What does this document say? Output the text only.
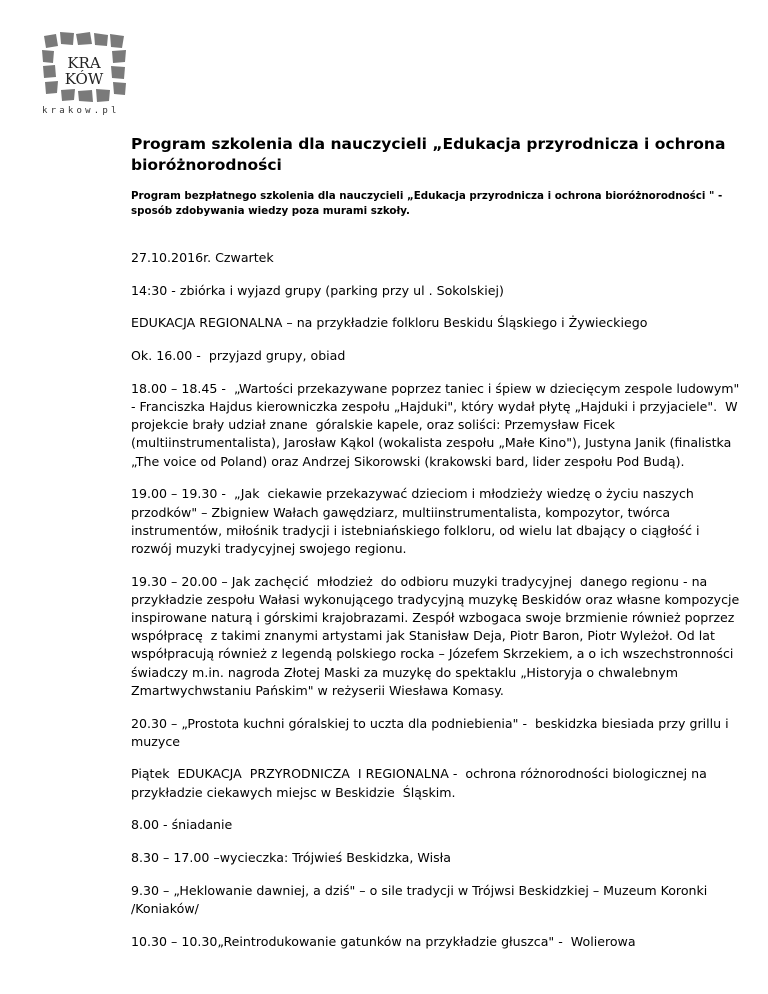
KRA
KÓW
krakow.pl
Program szkolenia dla nauczycieli „Edukacja przyrodnicza i ochrona bioróżnorodności
Program bezpłatnego szkolenia dla nauczycieli „Edukacja przyrodnicza i ochrona bioróżnorodności " - sposób zdobywania wiedzy poza murami szkoły.

27.10.2016r. Czwartek

14:30 - zbiórka i wyjazd grupy (parking przy ul . Sokolskiej)

EDUKACJA REGIONALNA – na przykładzie folkloru Beskidu Śląskiego i Żywieckiego

Ok. 16.00 -  przyjazd grupy, obiad

18.00 – 18.45 -  „Wartości przekazywane poprzez taniec i śpiew w dziecięcym zespole ludowym" - Franciszka Hajdus kierowniczka zespołu „Hajduki", który wydał płytę „Hajduki i przyjaciele".  W projekcie brały udział znane  góralskie kapele, oraz soliści: Przemysław Ficek (multiinstrumentalista), Jarosław Kąkol (wokalista zespołu „Małe Kino"), Justyna Janik (finalistka „The voice od Poland) oraz Andrzej Sikorowski (krakowski bard, lider zespołu Pod Budą).

19.00 – 19.30 -  „Jak  ciekawie przekazywać dzieciom i młodzieży wiedzę o życiu naszych przodków" – Zbigniew Wałach gawędziarz, multiinstrumentalista, kompozytor, twórca instrumentów, miłośnik tradycji i istebniańskiego folkloru, od wielu lat dbający o ciągłość i rozwój muzyki tradycyjnej swojego regionu.

19.30 – 20.00 – Jak zachęcić  młodzież  do odbioru muzyki tradycyjnej  danego regionu - na przykładzie zespołu Wałasi wykonującego tradycyjną muzykę Beskidów oraz własne kompozycje inspirowane naturą i górskimi krajobrazami. Zespół wzbogaca swoje brzmienie również poprzez współpracę  z takimi znanymi artystami jak Stanisław Deja, Piotr Baron, Piotr Wyleżoł. Od lat współpracują również z legendą polskiego rocka – Józefem Skrzekiem, a o ich wszechstronności świadczy m.in. nagroda Złotej Maski za muzykę do spektaklu „Historyja o chwalebnym Zmartwychwstaniu Pańskim" w reżyserii Wiesława Komasy.

20.30 – „Prostota kuchni góralskiej to uczta dla podniebienia" -  beskidzka biesiada przy grillu i muzyce

Piątek  EDUKACJA  PRZYRODNICZA  I REGIONALNA -  ochrona różnorodności biologicznej na przykładzie ciekawych miejsc w Beskidzie  Śląskim.

8.00 - śniadanie

8.30 – 17.00 –wycieczka: Trójwieś Beskidzka, Wisła

9.30 – „Heklowanie dawniej, a dziś" – o sile tradycji w Trójwsi Beskidzkiej – Muzeum Koronki /Koniaków/

10.30 – 10.30„Reintrodukowanie gatunków na przykładzie głuszca" -  Wolierowa
